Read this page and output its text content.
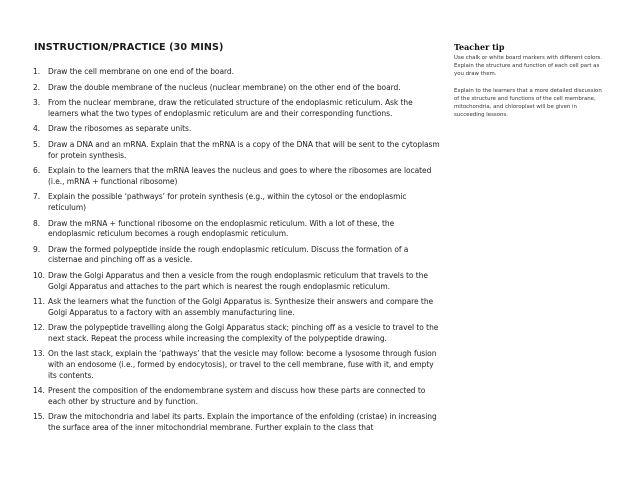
INSTRUCTION/PRACTICE (30 MINS)
1. Draw the cell membrane on one end of the board.
2. Draw the double membrane of the nucleus (nuclear membrane) on the other end of the board.
3. From the nuclear membrane, draw the reticulated structure of the endoplasmic reticulum. Ask the learners what the two types of endoplasmic reticulum are and their corresponding functions.
4. Draw the ribosomes as separate units.
5. Draw a DNA and an mRNA. Explain that the mRNA is a copy of the DNA that will be sent to the cytoplasm for protein synthesis.
6. Explain to the learners that the mRNA leaves the nucleus and goes to where the ribosomes are located (i.e., mRNA + functional ribosome)
7. Explain the possible ‘pathways’ for protein synthesis (e.g., within the cytosol or the endoplasmic reticulum)
8. Draw the mRNA + functional ribosome on the endoplasmic reticulum. With a lot of these, the endoplasmic reticulum becomes a rough endoplasmic reticulum.
9. Draw the formed polypeptide inside the rough endoplasmic reticulum. Discuss the formation of a cisternae and pinching off as a vesicle.
10. Draw the Golgi Apparatus and then a vesicle from the rough endoplasmic reticulum that travels to the Golgi Apparatus and attaches to the part which is nearest the rough endoplasmic reticulum.
11. Ask the learners what the function of the Golgi Apparatus is. Synthesize their answers and compare the Golgi Apparatus to a factory with an assembly manufacturing line.
12. Draw the polypeptide travelling along the Golgi Apparatus stack; pinching off as a vesicle to travel to the next stack. Repeat the process while increasing the complexity of the polypeptide drawing.
13. On the last stack, explain the ‘pathways’ that the vesicle may follow: become a lysosome through fusion with an endosome (i.e., formed by endocytosis), or travel to the cell membrane, fuse with it, and empty its contents.
14. Present the composition of the endomembrane system and discuss how these parts are connected to each other by structure and by function.
15. Draw the mitochondria and label its parts. Explain the importance of the enfolding (cristae) in increasing the surface area of the inner mitochondrial membrane. Further explain to the class that
Teacher tip

Use chalk or white board markers with different colors. Explain the structure and function of each cell part as you draw them.

Explain to the learners that a more detailed discussion of the structure and functions of the cell membrane, mitochondria, and chloroplast will be given in succeeding lessons.
